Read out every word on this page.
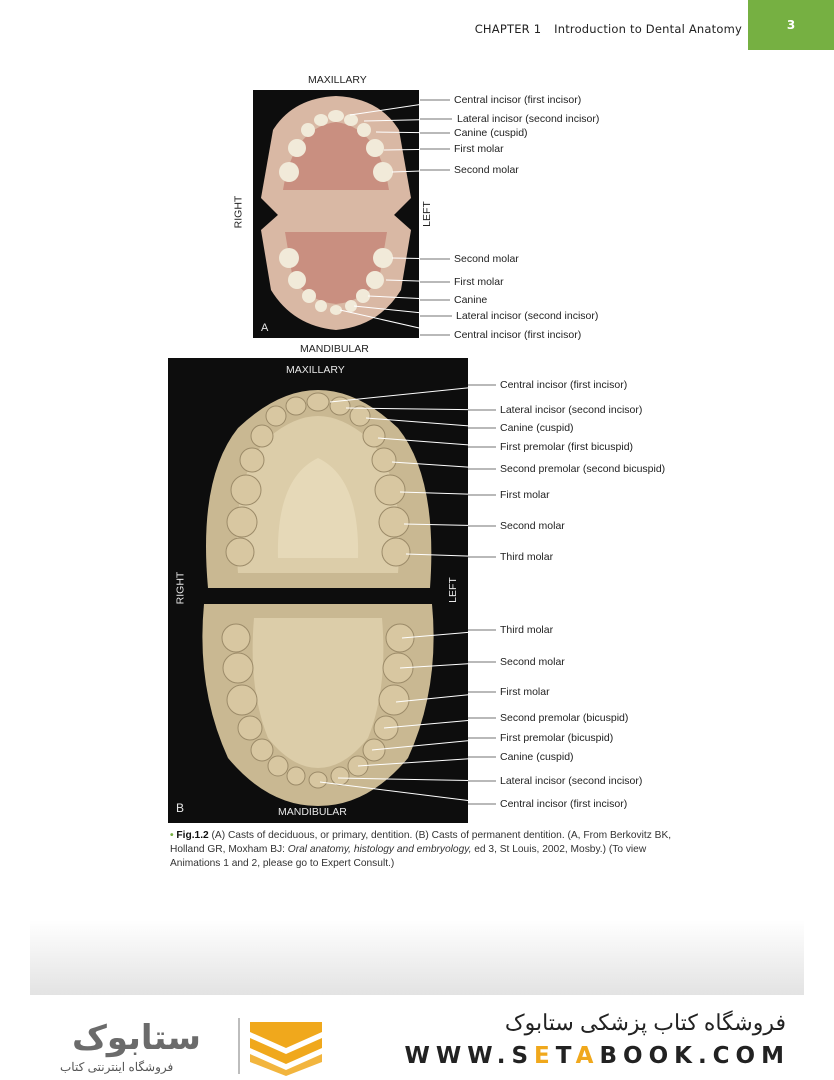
CHAPTER 1 Introduction to Dental Anatomy	3
MAXILLARY
A
RIGHT	LEFT
MANDIBULAR
Central incisor (first incisor)
Lateral incisor (second incisor)
Canine (cuspid)
First molar
Second molar
Second molar
First molar
Canine
Lateral incisor (second incisor)
Central incisor (first incisor)
MAXILLARY
MANDIBULAR
B
RIGHT	LEFT
Central incisor (first incisor)
Lateral incisor (second incisor)
Canine (cuspid)
First premolar (first bicuspid)
Second premolar (second bicuspid)
First molar
Second molar
Third molar
Third molar
Second molar
First molar
Second premolar (bicuspid)
First premolar (bicuspid)
Canine (cuspid)
Lateral incisor (second incisor)
Central incisor (first incisor)
• Fig.1.2 (A) Casts of deciduous, or primary, dentition. (B) Casts of permanent dentition. (A, From Berkovitz BK, Holland GR, Moxham BJ: Oral anatomy, histology and embryology, ed 3, St Louis, 2002, Mosby.) (To view Animations 1 and 2, please go to Expert Consult.)
ستابوک
فروشگاه اینترنتی کتاب
فروشگاه کتاب پزشکی ستابوک
WWW.SETABOOK.COM
